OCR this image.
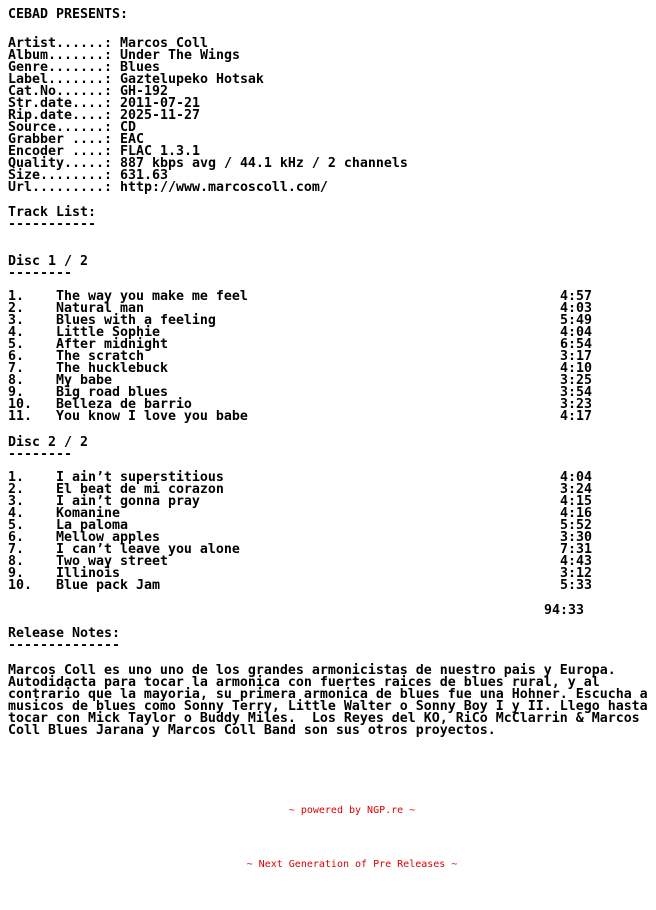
CEBAD PRESENTS:
Artist......: Marcos Coll
Album.......: Under The Wings
Genre.......: Blues
Label.......: Gaztelupeko Hotsak
Cat.No......: GH-192
Str.date....: 2011-07-21
Rip.date....: 2025-11-27
Source......: CD
Grabber ....: EAC
Encoder ....: FLAC 1.3.1
Quality.....: 887 kbps avg / 44.1 kHz / 2 channels
Size........: 631.63
Url.........: http://www.marcoscoll.com/
Track List:
-----------
Disc 1 / 2
--------
1.	The way you make me feel	4:57
2.	Natural man	4:03
3.	Blues with a feeling	5:49
4.	Little Sophie	4:04
5.	After midnight	6:54
6.	The scratch	3:17
7.	The hucklebuck	4:10
8.	My babe	3:25
9.	Big road blues	3:54
10.	Belleza de barrio	3:23
11.	You know I love you babe	4:17
Disc 2 / 2
--------
1.	I ain’t superstitious	4:04
2.	El beat de mi corazon	3:24
3.	I ain’t gonna pray	4:15
4.	Komanine	4:16
5.	La paloma	5:52
6.	Mellow apples	3:30
7.	I can’t leave you alone	7:31
8.	Two way street	4:43
9.	Illinois	3:12
10.	Blue pack Jam	5:33
94:33
Release Notes:
--------------
Marcos Coll es uno uno de los grandes armonicistas de nuestro pais y Europa.
Autodidacta para tocar la armonica con fuertes raices de blues rural, y al
contrario que la mayoria, su primera armonica de blues fue una Hohner. Escucha a
musicos de blues como Sonny Terry, Little Walter o Sonny Boy I y II. Llego hasta
tocar con Mick Taylor o Buddy Miles.  Los Reyes del KO, RiCo McClarrin & Marcos
Coll Blues Jarana y Marcos Coll Band son sus otros proyectos.

~ powered by NGP.re ~

~ Next Generation of Pre Releases ~
